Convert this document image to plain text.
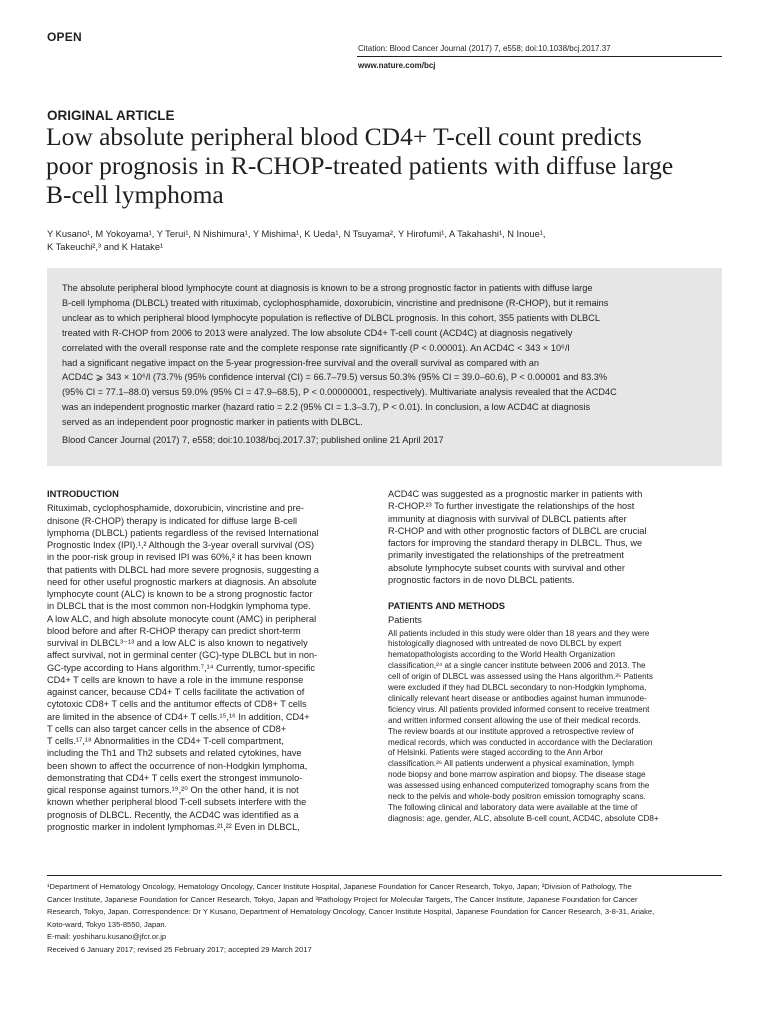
OPEN
Citation: Blood Cancer Journal (2017) 7, e558; doi:10.1038/bcj.2017.37
www.nature.com/bcj
ORIGINAL ARTICLE
Low absolute peripheral blood CD4+ T-cell count predicts
poor prognosis in R-CHOP-treated patients with diffuse large
B-cell lymphoma
Y Kusano¹, M Yokoyama¹, Y Terui¹, N Nishimura¹, Y Mishima¹, K Ueda¹, N Tsuyama², Y Hirofumi¹, A Takahashi¹, N Inoue¹,
K Takeuchi²,³ and K Hatake¹
The absolute peripheral blood lymphocyte count at diagnosis is known to be a strong prognostic factor in patients with diffuse large
B-cell lymphoma (DLBCL) treated with rituximab, cyclophosphamide, doxorubicin, vincristine and prednisone (R-CHOP), but it remains
unclear as to which peripheral blood lymphocyte population is reflective of DLBCL prognosis. In this cohort, 355 patients with DLBCL
treated with R-CHOP from 2006 to 2013 were analyzed. The low absolute CD4+ T-cell count (ACD4C) at diagnosis negatively
correlated with the overall response rate and the complete response rate significantly (P < 0.00001). An ACD4C < 343 × 10⁶/l
had a significant negative impact on the 5-year progression-free survival and the overall survival as compared with an
ACD4C ⩾ 343 × 10⁶/l (73.7% (95% confidence interval (CI) = 66.7–79.5) versus 50.3% (95% CI = 39.0–60.6), P < 0.00001 and 83.3%
(95% CI = 77.1–88.0) versus 59.0% (95% CI = 47.9–68.5), P < 0.00000001, respectively). Multivariate analysis revealed that the ACD4C
was an independent prognostic marker (hazard ratio = 2.2 (95% CI = 1.3–3.7), P < 0.01). In conclusion, a low ACD4C at diagnosis
served as an independent poor prognostic marker in patients with DLBCL.
Blood Cancer Journal (2017) 7, e558; doi:10.1038/bcj.2017.37; published online 21 April 2017
INTRODUCTION
Rituximab, cyclophosphamide, doxorubicin, vincristine and pre-
dnisone (R-CHOP) therapy is indicated for diffuse large B-cell
lymphoma (DLBCL) patients regardless of the revised International
Prognostic Index (IPI).¹,² Although the 3-year overall survival (OS)
in the poor-risk group in revised IPI was 60%,² it has been known
that patients with DLBCL had more severe prognosis, suggesting a
need for other useful prognostic markers at diagnosis. An absolute
lymphocyte count (ALC) is known to be a strong prognostic factor
in DLBCL that is the most common non-Hodgkin lymphoma type.
A low ALC, and high absolute monocyte count (AMC) in peripheral
blood before and after R-CHOP therapy can predict short-term
survival in DLBCL³⁻¹³ and a low ALC is also known to negatively
affect survival, not in germinal center (GC)-type DLBCL but in non-
GC-type according to Hans algorithm.⁷,¹⁴ Currently, tumor-specific
CD4+ T cells are known to have a role in the immune response
against cancer, because CD4+ T cells facilitate the activation of
cytotoxic CD8+ T cells and the antitumor effects of CD8+ T cells
are limited in the absence of CD4+ T cells.¹⁵,¹⁶ In addition, CD4+
T cells can also target cancer cells in the absence of CD8+
T cells.¹⁷,¹⁸ Abnormalities in the CD4+ T-cell compartment,
including the Th1 and Th2 subsets and related cytokines, have
been shown to affect the occurrence of non-Hodgkin lymphoma,
demonstrating that CD4+ T cells exert the strongest immunolo-
gical response against tumors.¹⁹,²⁰ On the other hand, it is not
known whether peripheral blood T-cell subsets interfere with the
prognosis of DLBCL. Recently, the ACD4C was identified as a
prognostic marker in indolent lymphomas.²¹,²² Even in DLBCL,
ACD4C was suggested as a prognostic marker in patients with
R-CHOP.²³ To further investigate the relationships of the host
immunity at diagnosis with survival of DLBCL patients after
R-CHOP and with other prognostic factors of DLBCL are crucial
factors for improving the standard therapy in DLBCL. Thus, we
primarily investigated the relationships of the pretreatment
absolute lymphocyte subset counts with survival and other
prognostic factors in de novo DLBCL patients.
PATIENTS AND METHODS
Patients
All patients included in this study were older than 18 years and they were
histologically diagnosed with untreated de novo DLBCL by expert
hematopathologists according to the World Health Organization
classification,²⁴ at a single cancer institute between 2006 and 2013. The
cell of origin of DLBCL was assessed using the Hans algorithm.²⁵ Patients
were excluded if they had DLBCL secondary to non-Hodgkin lymphoma,
clinically relevant heart disease or antibodies against human immunode-
ficiency virus. All patients provided informed consent to receive treatment
and written informed consent allowing the use of their medical records.
The review boards at our institute approved a retrospective review of
medical records, which was conducted in accordance with the Declaration
of Helsinki. Patients were staged according to the Ann Arbor
classification.²⁶ All patients underwent a physical examination, lymph
node biopsy and bone marrow aspiration and biopsy. The disease stage
was assessed using enhanced computerized tomography scans from the
neck to the pelvis and whole-body positron emission tomography scans.
The following clinical and laboratory data were available at the time of
diagnosis: age, gender, ALC, absolute B-cell count, ACD4C, absolute CD8+
¹Department of Hematology Oncology, Hematology Oncology, Cancer Institute Hospital, Japanese Foundation for Cancer Research, Tokyo, Japan; ²Division of Pathology, The
Cancer Institute, Japanese Foundation for Cancer Research, Tokyo, Japan and ³Pathology Project for Molecular Targets, The Cancer Institute, Japanese Foundation for Cancer
Research, Tokyo, Japan. Correspondence: Dr Y Kusano, Department of Hematology Oncology, Cancer Institute Hospital, Japanese Foundation for Cancer Research, 3-8-31, Ariake,
Koto-ward, Tokyo 135-8550, Japan.
E-mail: yoshiharu.kusano@jfcr.or.jp
Received 6 January 2017; revised 25 February 2017; accepted 29 March 2017
